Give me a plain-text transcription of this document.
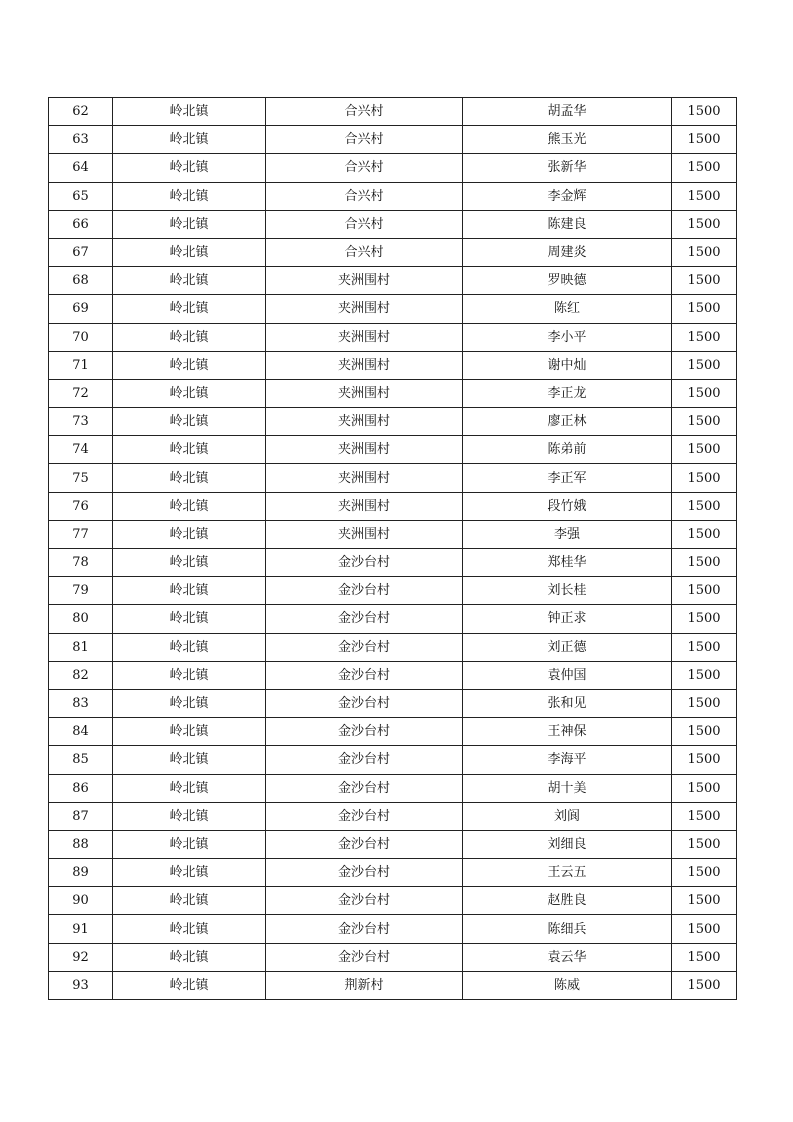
62	岭北镇	合兴村	胡孟华	1500
63	岭北镇	合兴村	熊玉光	1500
64	岭北镇	合兴村	张新华	1500
65	岭北镇	合兴村	李金辉	1500
66	岭北镇	合兴村	陈建良	1500
67	岭北镇	合兴村	周建炎	1500
68	岭北镇	夹洲围村	罗映德	1500
69	岭北镇	夹洲围村	陈红	1500
70	岭北镇	夹洲围村	李小平	1500
71	岭北镇	夹洲围村	谢中灿	1500
72	岭北镇	夹洲围村	李正龙	1500
73	岭北镇	夹洲围村	廖正林	1500
74	岭北镇	夹洲围村	陈弟前	1500
75	岭北镇	夹洲围村	李正军	1500
76	岭北镇	夹洲围村	段竹娥	1500
77	岭北镇	夹洲围村	李强	1500
78	岭北镇	金沙台村	郑桂华	1500
79	岭北镇	金沙台村	刘长桂	1500
80	岭北镇	金沙台村	钟正求	1500
81	岭北镇	金沙台村	刘正德	1500
82	岭北镇	金沙台村	袁仲国	1500
83	岭北镇	金沙台村	张和见	1500
84	岭北镇	金沙台村	王神保	1500
85	岭北镇	金沙台村	李海平	1500
86	岭北镇	金沙台村	胡十美	1500
87	岭北镇	金沙台村	刘阆	1500
88	岭北镇	金沙台村	刘细良	1500
89	岭北镇	金沙台村	王云五	1500
90	岭北镇	金沙台村	赵胜良	1500
91	岭北镇	金沙台村	陈细兵	1500
92	岭北镇	金沙台村	袁云华	1500
93	岭北镇	荆新村	陈威	1500
